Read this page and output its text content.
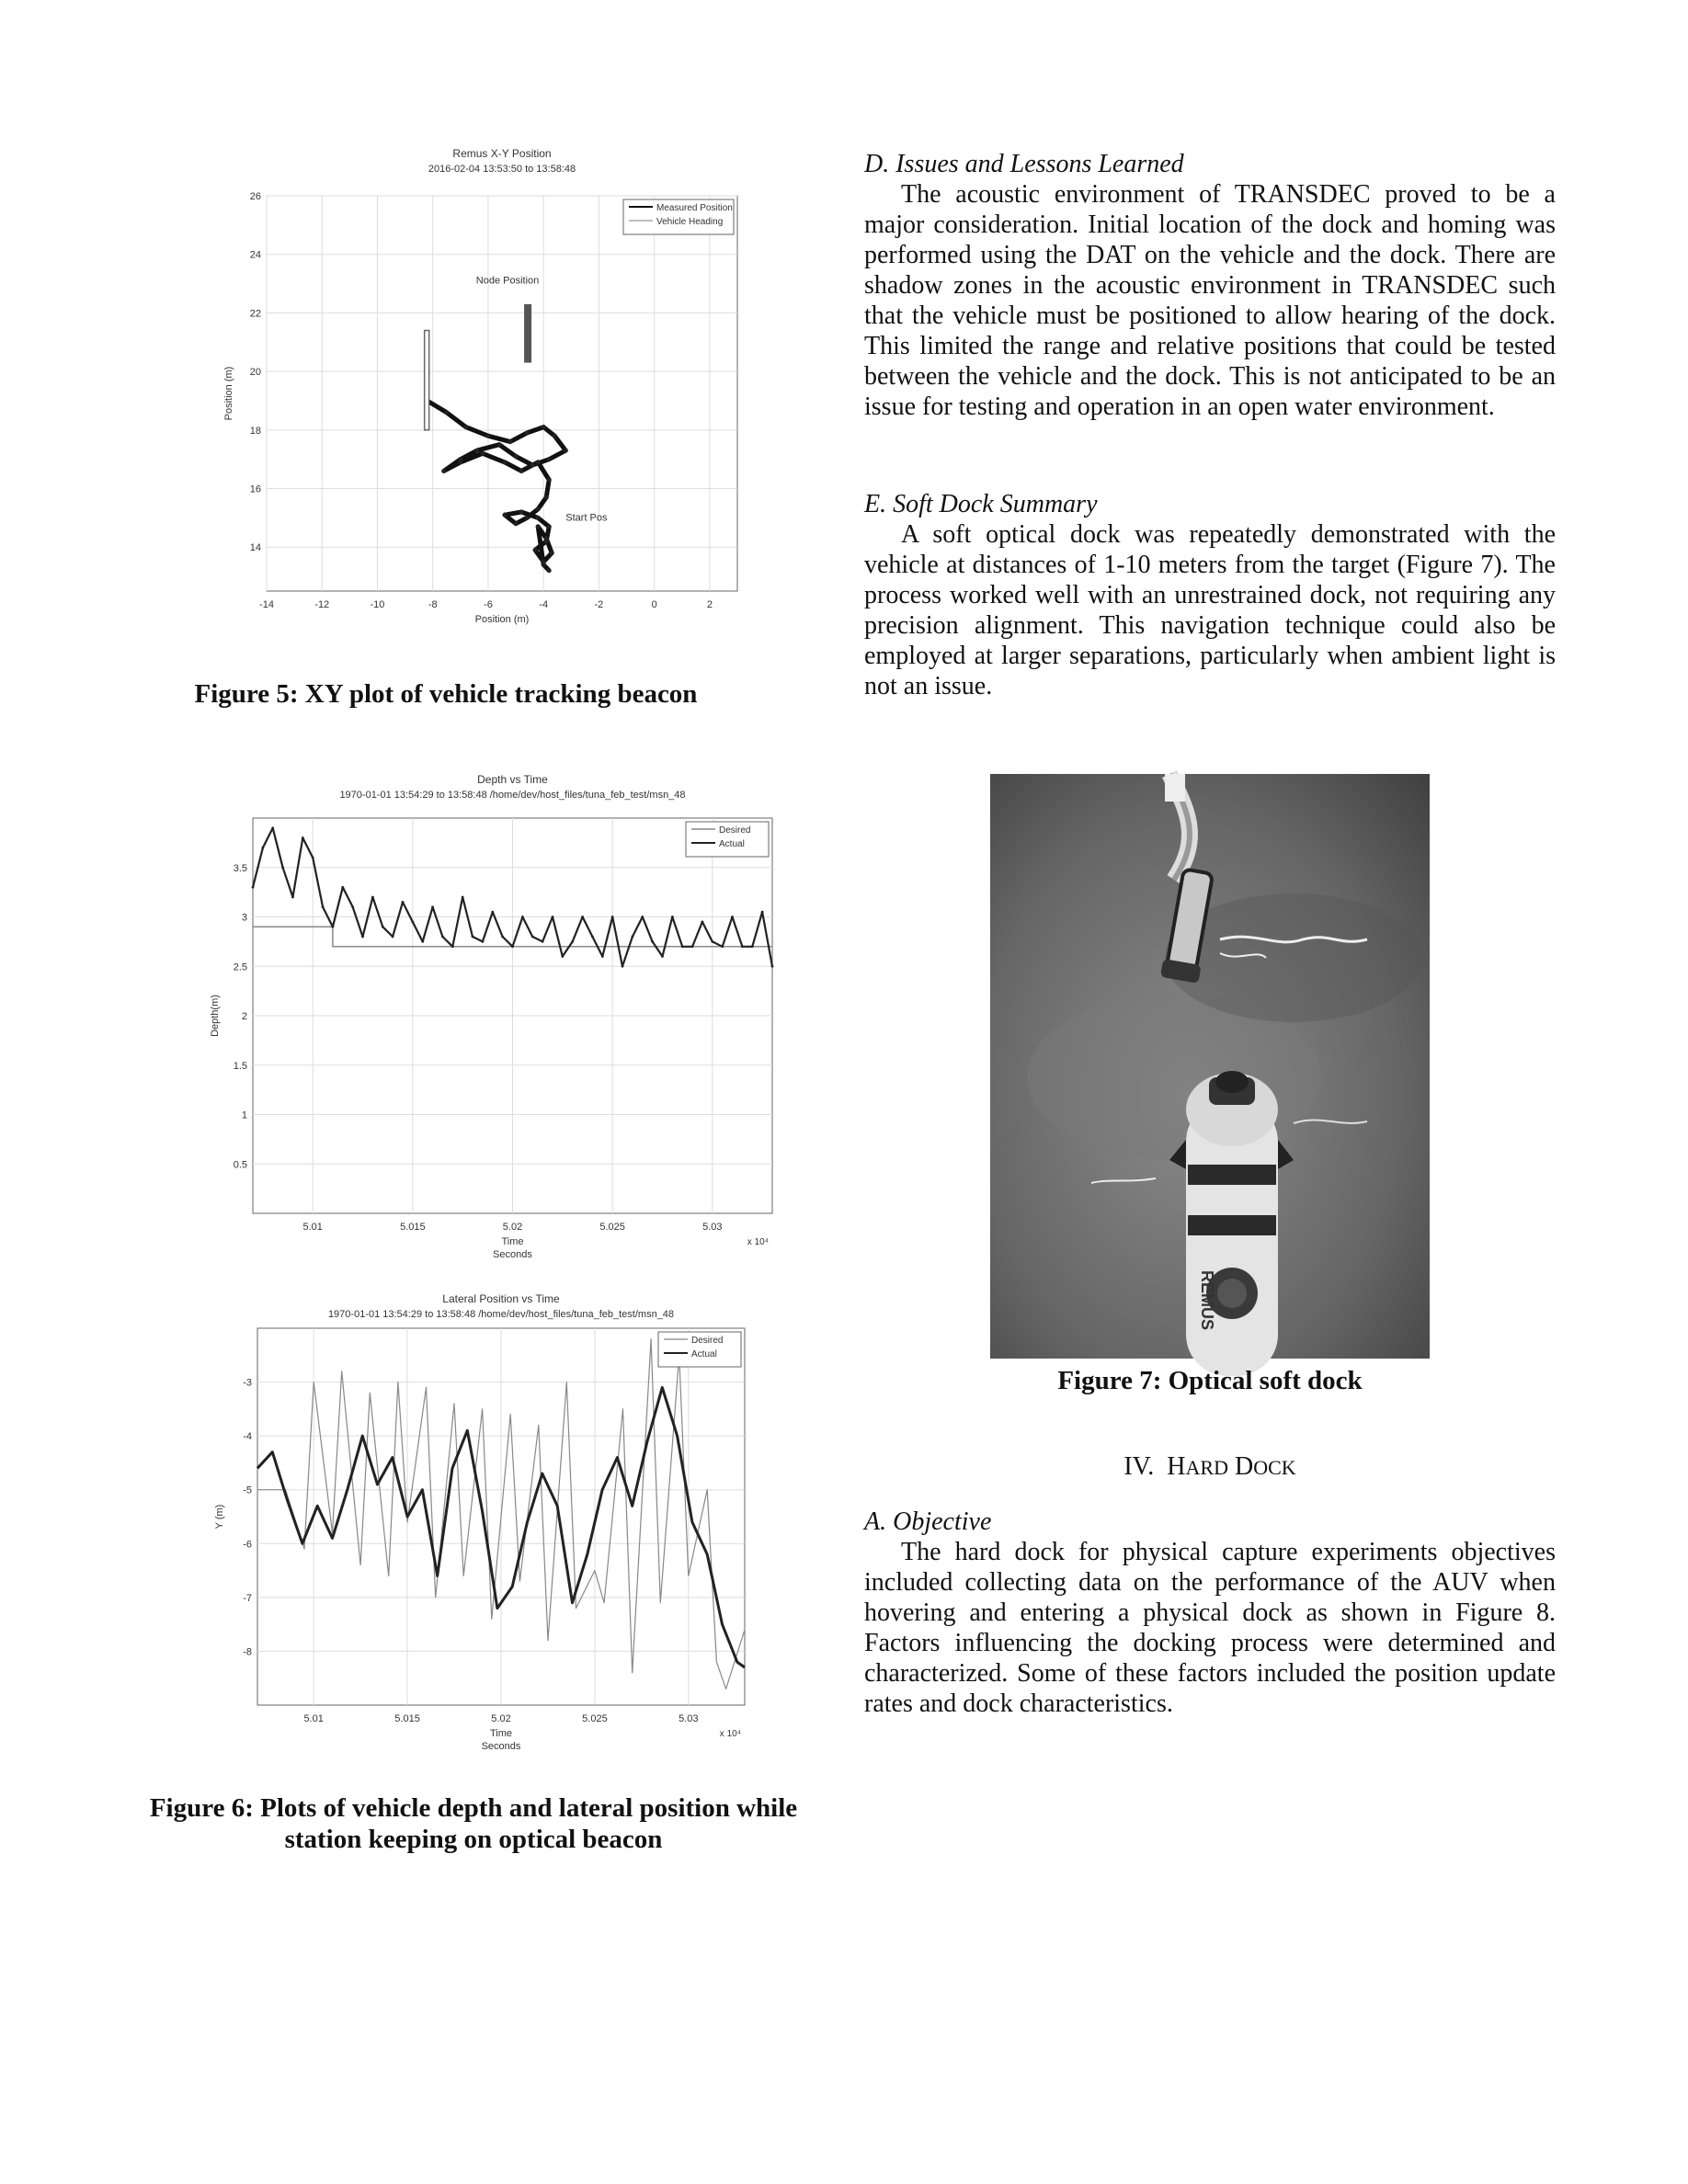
Remus X-Y Position
2016-02-04 13:53:50 to 13:58:48
-14	-12	-10	-8	-6	-4	-2	0	2
14
16
18
20
22
24
26
Position (m)
Position (m)
Measured Position
Vehicle Heading
Node Position
Start Pos
Figure 5: XY plot of vehicle tracking beacon
Depth vs Time
1970-01-01 13:54:29 to 13:58:48 /home/dev/host_files/tuna_feb_test/msn_48
5.01	5.015	5.02	5.025	5.03
0.5
1
1.5
2
2.5
3
3.5
Time
Seconds
x 10⁴
Depth(m)
Desired
Actual
Lateral Position vs Time
1970-01-01 13:54:29 to 13:58:48 /home/dev/host_files/tuna_feb_test/msn_48
5.01	5.015	5.02	5.025	5.03
-3
-4
-5
-6
-7
-8
Time
Seconds
x 10⁴
Y (m)
Desired
Actual
Figure 6: Plots of vehicle depth and lateral position while station keeping on optical beacon

D. Issues and Lessons Learned

The acoustic environment of TRANSDEC proved to be a major consideration. Initial location of the dock and homing was performed using the DAT on the vehicle and the dock. There are shadow zones in the acoustic environment in TRANSDEC such that the vehicle must be positioned to allow hearing of the dock. This limited the range and relative positions that could be tested between the vehicle and the dock. This is not anticipated to be an issue for testing and operation in an open water environment.

E. Soft Dock Summary

A soft optical dock was repeatedly demonstrated with the vehicle at distances of 1-10 meters from the target (Figure 7). The process worked well with an unrestrained dock, not requiring any precision alignment. This navigation technique could also be employed at larger separations, particularly when ambient light is not an issue.

REMUS
Figure 7: Optical soft dock
IV. HARD DOCK

A. Objective

The hard dock for physical capture experiments objectives included collecting data on the performance of the AUV when hovering and entering a physical dock as shown in Figure 8. Factors influencing the docking process were determined and characterized. Some of these factors included the position update rates and dock characteristics.
